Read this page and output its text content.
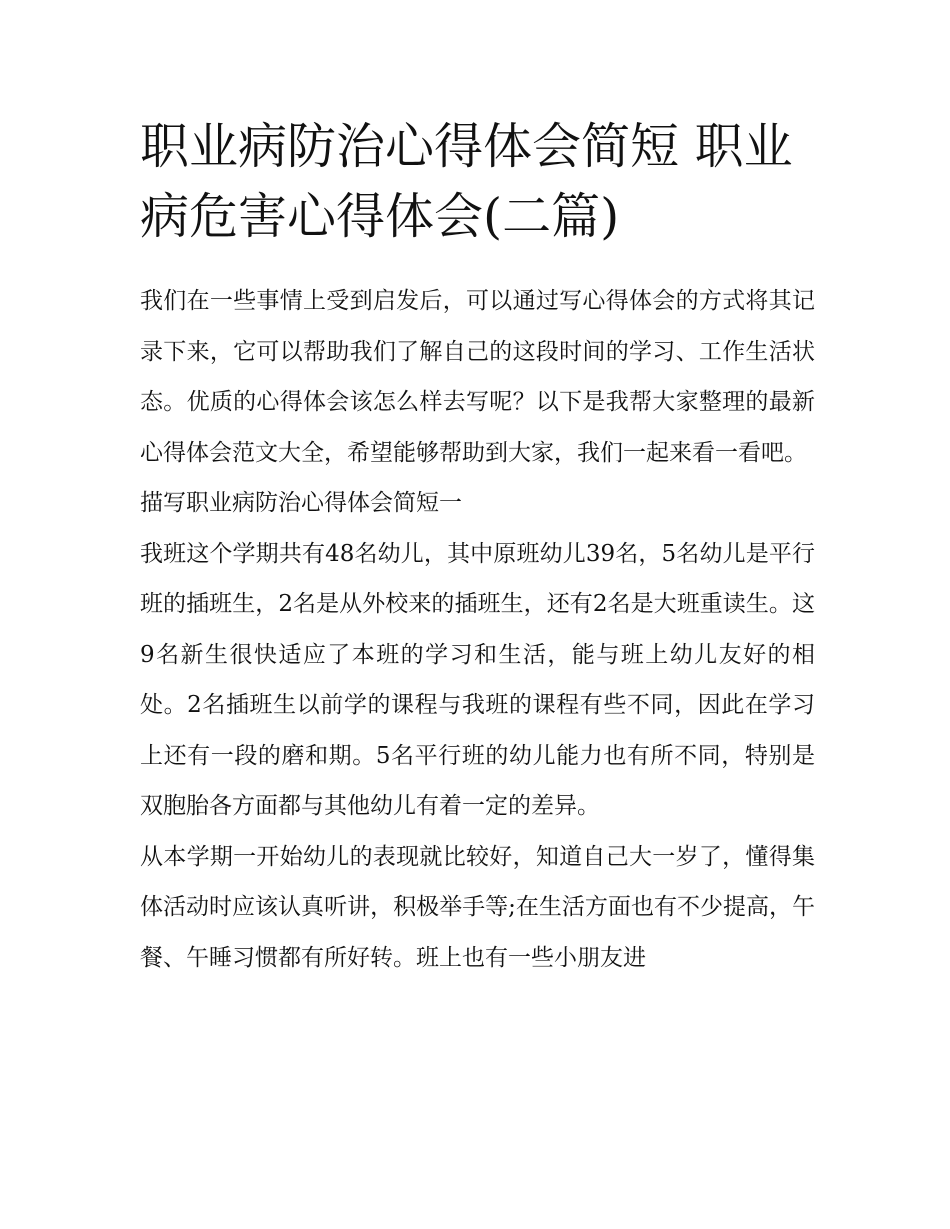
职业病防治心得体会简短 职业病危害心得体会(二篇)

我们在一些事情上受到启发后，可以通过写心得体会的方式将其记录下来，它可以帮助我们了解自己的这段时间的学习、工作生活状态。优质的心得体会该怎么样去写呢？以下是我帮大家整理的最新心得体会范文大全，希望能够帮助到大家，我们一起来看一看吧。

描写职业病防治心得体会简短一

我班这个学期共有48名幼儿，其中原班幼儿39名，5名幼儿是平行班的插班生，2名是从外校来的插班生，还有2名是大班重读生。这9名新生很快适应了本班的学习和生活，能与班上幼儿友好的相处。2名插班生以前学的课程与我班的课程有些不同，因此在学习上还有一段的磨和期。5名平行班的幼儿能力也有所不同，特别是双胞胎各方面都与其他幼儿有着一定的差异。

从本学期一开始幼儿的表现就比较好，知道自己大一岁了，懂得集体活动时应该认真听讲，积极举手等;在生活方面也有不少提高，午餐、午睡习惯都有所好转。班上也有一些小朋友进
